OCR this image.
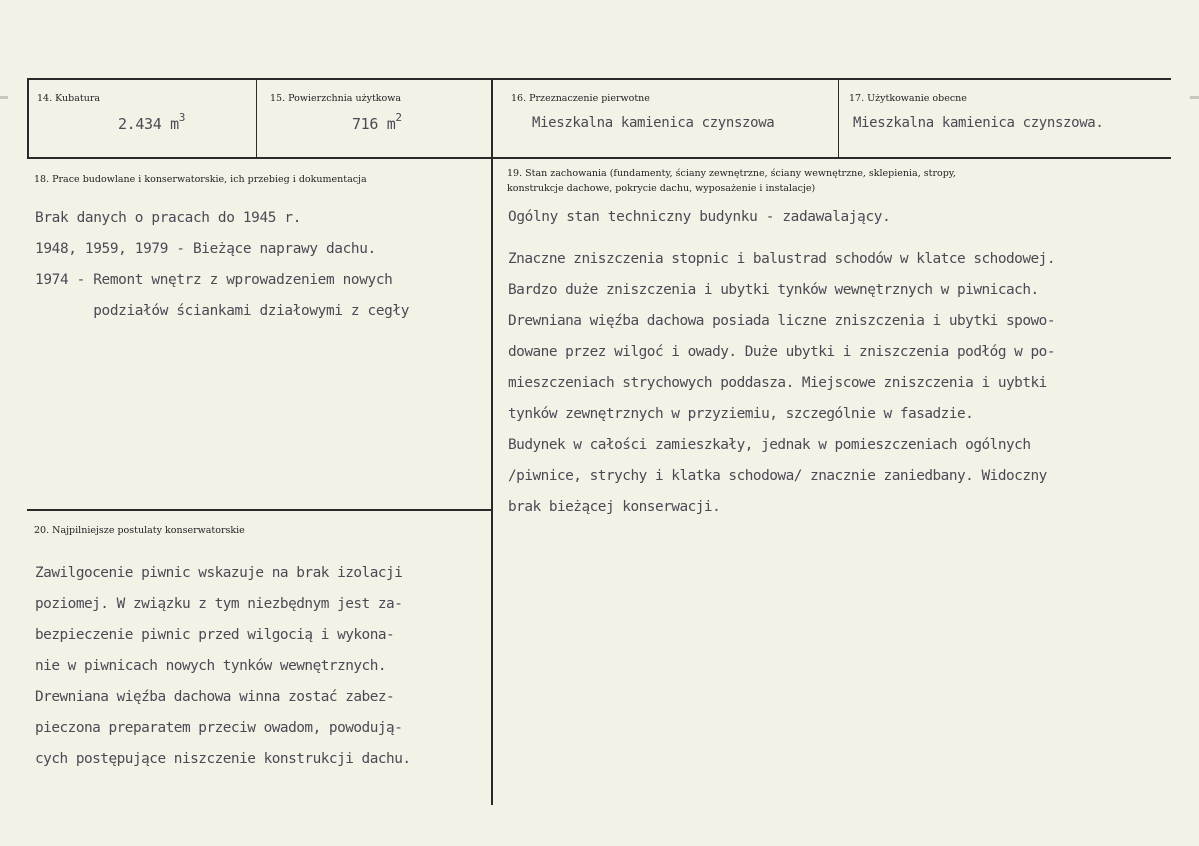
14. Kubatura
2.434 $m^3$
15. Powierzchnia użytkowa
716 $m^2$
16. Przeznaczenie pierwotne
Mieszkalna kamienica czynszowa
17. Użytkowanie obecne
Mieszkalna kamienica czynszowa.
18. Prace budowlane i konserwatorskie, ich przebieg i dokumentacja

Brak danych o pracach do 1945 r.

1948, 1959, 1979 - Bieżące naprawy dachu.

1974 - Remont wnętrz z wprowadzeniem nowych

podziałów ściankami działowymi z cegły

19. Stan zachowania (fundamenty, ściany zewnętrzne, ściany wewnętrzne, sklepienia, stropy,
konstrukcje dachowe, pokrycie dachu, wyposażenie i instalacje)
Ogólny stan techniczny budynku - zadawalający.

Znaczne zniszczenia stopnic i balustrad schodów w klatce schodowej.

Bardzo duże zniszczenia i ubytki tynków wewnętrznych w piwnicach.

Drewniana więźba dachowa posiada liczne zniszczenia i ubytki spowo-

dowane przez wilgoć i owady. Duże ubytki i zniszczenia podłóg w po-

mieszczeniach strychowych poddasza. Miejscowe zniszczenia i uybtki

tynków zewnętrznych w przyziemiu, szczególnie w fasadzie.

Budynek w całości zamieszkały, jednak w pomieszczeniach ogólnych

/piwnice, strychy i klatka schodowa/ znacznie zaniedbany. Widoczny

brak bieżącej konserwacji.

20. Najpilniejsze postulaty konserwatorskie

Zawilgocenie piwnic wskazuje na brak izolacji

poziomej. W związku z tym niezbędnym jest za-

bezpieczenie piwnic przed wilgocią i wykona-

nie w piwnicach nowych tynków wewnętrznych.

Drewniana więźba dachowa winna zostać zabez-

pieczona preparatem przeciw owadom, powodują-

cych postępujące niszczenie konstrukcji dachu.
